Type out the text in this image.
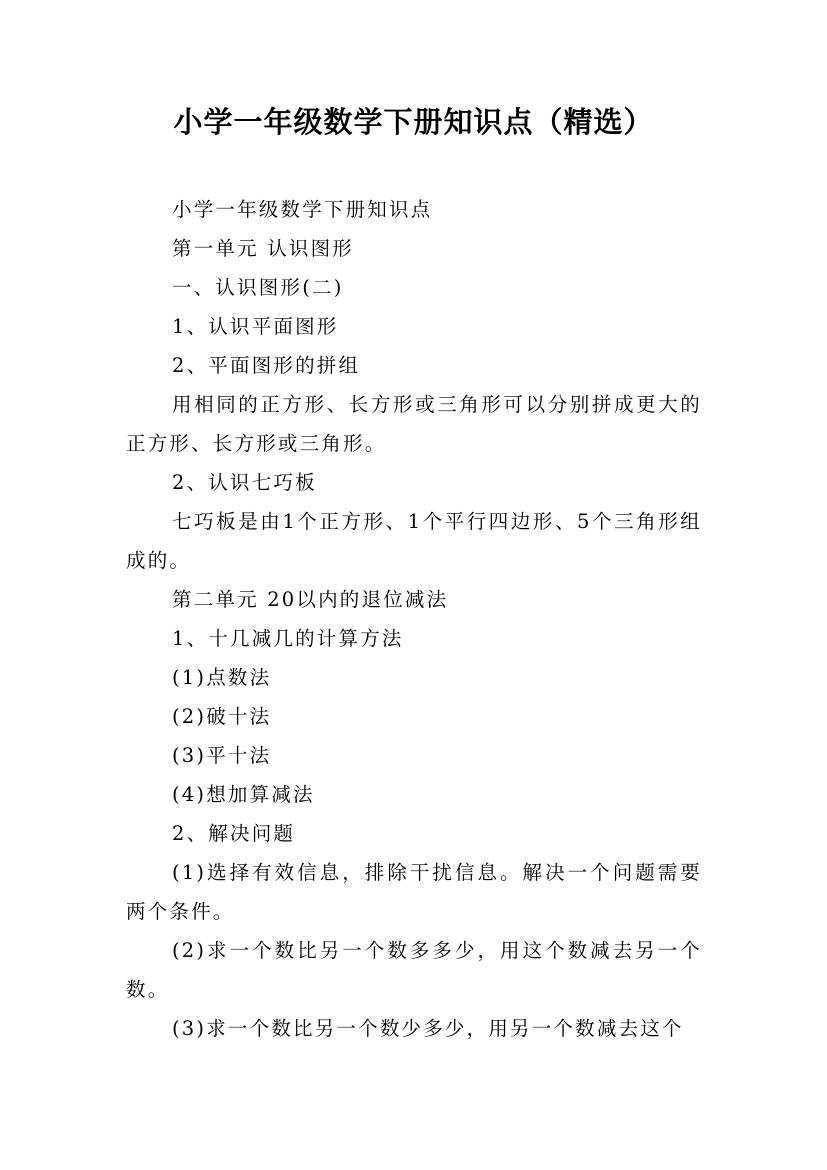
小学一年级数学下册知识点（精选）

小学一年级数学下册知识点

第一单元 认识图形

一、认识图形(二)

1、认识平面图形

2、平面图形的拼组

用相同的正方形、长方形或三角形可以分别拼成更大的正方形、长方形或三角形。

2、认识七巧板

七巧板是由1个正方形、1个平行四边形、5个三角形组成的。

第二单元 20以内的退位减法

1、十几减几的计算方法

(1)点数法

(2)破十法

(3)平十法

(4)想加算减法

2、解决问题

(1)选择有效信息，排除干扰信息。解决一个问题需要两个条件。

(2)求一个数比另一个数多多少，用这个数减去另一个数。

(3)求一个数比另一个数少多少，用另一个数减去这个
